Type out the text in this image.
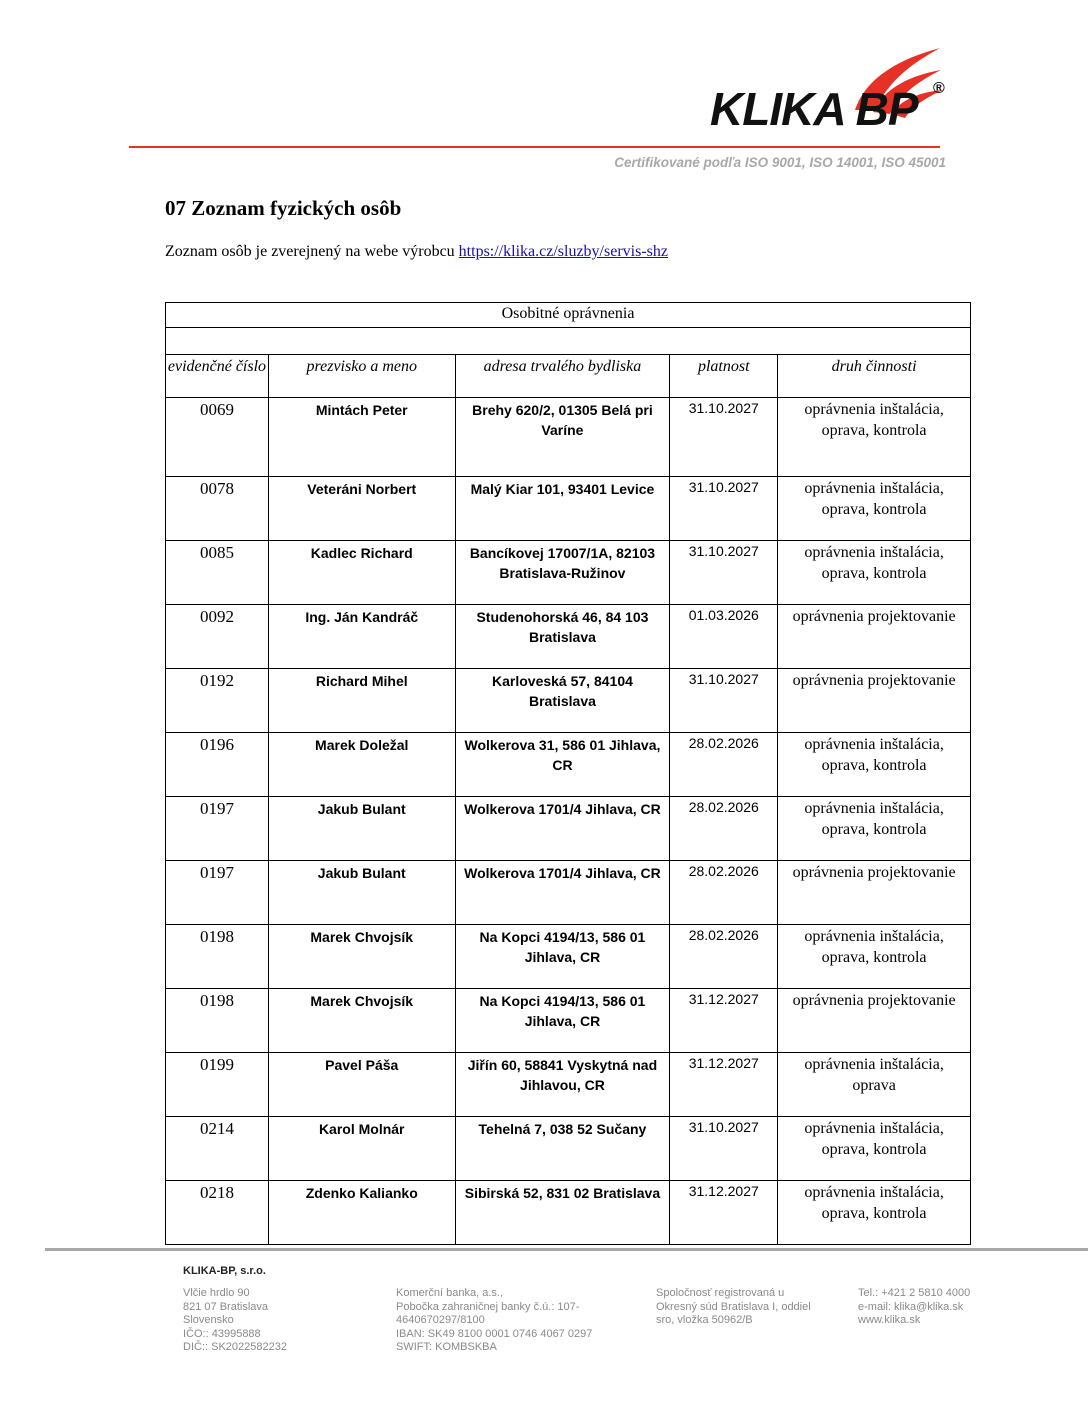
KLIKA BP ®
Certifikované podľa ISO 9001, ISO 14001, ISO 45001
07 Zoznam fyzických osôb

Zoznam osôb je zverejnený na webe výrobcu https://klika.cz/sluzby/servis-shz

Osobitné oprávnenia				

evidenčné číslo	prezvisko a meno	adresa trvalého bydliska	platnost	druh činnosti
0069	Mintách Peter	Brehy 620/2, 01305 Belá pri Varíne	31.10.2027	oprávnenia inštalácia, oprava, kontrola
0078	Veteráni Norbert	Malý Kiar 101, 93401 Levice	31.10.2027	oprávnenia inštalácia, oprava, kontrola
0085	Kadlec Richard	Bancíkovej 17007/1A, 82103 Bratislava-Ružinov	31.10.2027	oprávnenia inštalácia, oprava, kontrola
0092	Ing. Ján Kandráč	Studenohorská 46, 84 103 Bratislava	01.03.2026	oprávnenia projektovanie
0192	Richard Mihel	Karloveská 57, 84104 Bratislava	31.10.2027	oprávnenia projektovanie
0196	Marek Doležal	Wolkerova 31, 586 01 Jihlava, CR	28.02.2026	oprávnenia inštalácia, oprava, kontrola
0197	Jakub Bulant	Wolkerova 1701/4 Jihlava, CR	28.02.2026	oprávnenia inštalácia, oprava, kontrola
0197	Jakub Bulant	Wolkerova 1701/4 Jihlava, CR	28.02.2026	oprávnenia projektovanie
0198	Marek Chvojsík	Na Kopci 4194/13, 586 01 Jihlava, CR	28.02.2026	oprávnenia inštalácia, oprava, kontrola
0198	Marek Chvojsík	Na Kopci 4194/13, 586 01 Jihlava, CR	31.12.2027	oprávnenia projektovanie
0199	Pavel Páša	Jiřín 60, 58841 Vyskytná nad Jihlavou, CR	31.12.2027	oprávnenia inštalácia, oprava
0214	Karol Molnár	Tehelná 7, 038 52 Sučany	31.10.2027	oprávnenia inštalácia, oprava, kontrola
0218	Zdenko Kalianko	Sibirská 52, 831 02 Bratislava	31.12.2027	oprávnenia inštalácia, oprava, kontrola
KLIKA-BP, s.r.o.
Vlčie hrdlo 90
821 07 Bratislava
Slovensko
IČO:: 43995888
DIČ:: SK2022582232
Komerční banka, a.s.,
Pobočka zahraničnej banky č.ú.: 107-
4640670297/8100
IBAN: SK49 8100 0001 0746 4067 0297
SWIFT: KOMBSKBA
Spoločnosť registrovaná u
Okresný súd Bratislava I, oddiel
sro, vložka 50962/B
Tel.: +421 2 5810 4000
e-mail: klika@klika.sk
www.klika.sk
